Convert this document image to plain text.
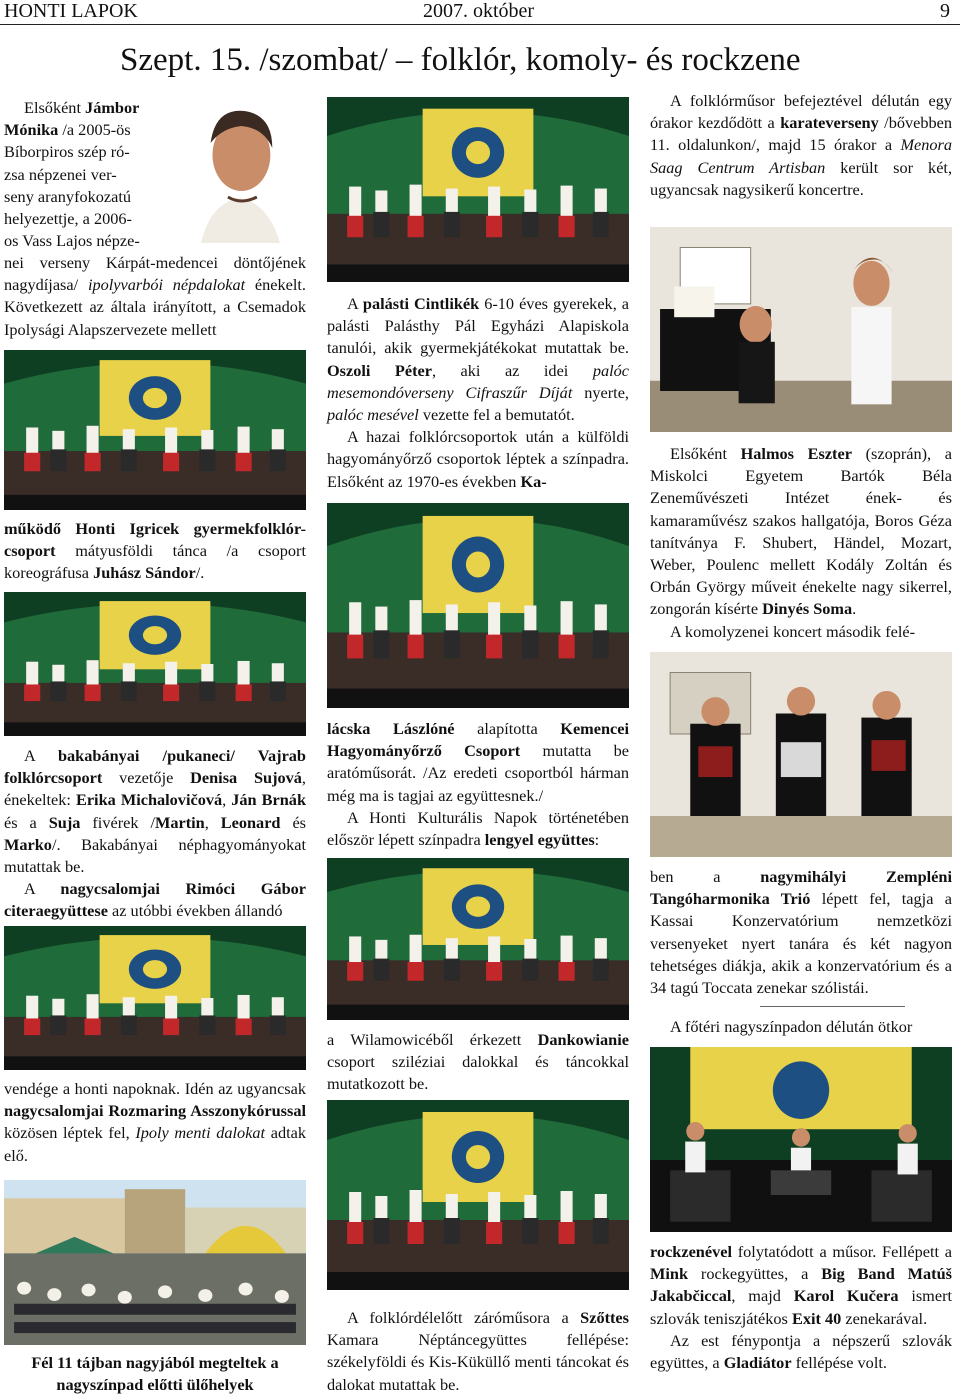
HONTI LAPOK	2007. október	9
Szept. 15. /szombat/ – folklór, komoly- és rockzene
Elsőként Jámbor
Mónika /a 2005-ös
Bíborpiros szép ró-
zsa népzenei ver-
seny aranyfokozatú
helyezettje, a 2006-
os Vass Lajos népze-

nei verseny Kárpát-medencei döntőjének nagydíjasa/ ipolyvarbói népdalokat énekelt. Következett az általa irányított, a Csemadok Ipolysági Alapszervezete mellett

működő Honti Igricek gyermekfolklór-csoport mátyusföldi tánca /a csoport koreográfusa Juhász Sándor/.

A bakabányai /pukaneci/ Vajrab folklórcsoport vezetője Denisa Sujová, énekeltek: Erika Michalovičová, Ján Brnák és a Suja fivérek /Martin, Leonard és Marko/. Bakabányai néphagyományokat mutattak be.

A nagycsalomjai Rimóci Gábor citeraegyüttese az utóbbi években állandó

vendége a honti napoknak. Idén az ugyancsak nagycsalomjai Rozmaring Asszonykórussal közösen léptek fel, Ipoly menti dalokat adtak elő.

Fél 11 tájban nagyjából megteltek a nagyszínpad előtti ülőhelyek

A palásti Cintlikék 6-10 éves gyerekek, a palásti Palásthy Pál Egyházi Alapiskola tanulói, akik gyermekjátékokat mutattak be. Oszoli Péter, aki az idei palóc mesemondóverseny Cifraszűr Díját nyerte, palóc mesével vezette fel a bemutatót.

A hazai folklórcsoportok után a külföldi hagyományőrző csoportok léptek a színpadra. Elsőként az 1970-es években Ka-

lácska Lászlóné alapította Kemencei Hagyományőrző Csoport mutatta be aratóműsorát. /Az eredeti csoportból hárman még ma is tagjai az együttesnek./

A Honti Kulturális Napok történetében először lépett színpadra lengyel együttes:

a Wilamowicéből érkezett Dankowianie csoport sziléziai dalokkal és táncokkal mutatkozott be.

A folklórdélelőtt záróműsora a Szőttes Kamara Néptáncegyüttes fellépése: székelyföldi és Kis-Küküllő menti táncokat és dalokat mutattak be.

A folklórműsor befejeztével délután egy órakor kezdődött a karateverseny /bővebben 11. oldalunkon/, majd 15 órakor a Menora Saag Centrum Artisban került sor két, ugyancsak nagysikerű koncertre.

Elsőként Halmos Eszter (szoprán), a Miskolci Egyetem Bartók Béla Zeneművészeti Intézet ének- és kamaraművész szakos hallgatója, Boros Géza tanítványa F. Shubert, Händel, Mozart, Weber, Poulenc mellett Kodály Zoltán és Orbán György műveit énekelte nagy sikerrel, zongorán kísérte Dinyés Soma.

A komolyzenei koncert második felé-

ben a nagymihályi Zempléni Tangóharmonika Trió lépett fel, tagja a Kassai Konzervatórium nemzetközi versenyeket nyert tanára és két nagyon tehetséges diákja, akik a konzervatórium és a 34 tagú Toccata zenekar szólistái.

A főtéri nagyszínpadon délután ötkor

rockzenével folytatódott a műsor. Fellépett a Mink rockegyüttes, a Big Band Matúš Jakabčiccal, majd Karol Kučera ismert szlovák teniszjátékos Exit 40 zenekarával.

Az est fénypontja a népszerű szlovák együttes, a Gladiátor fellépése volt.
